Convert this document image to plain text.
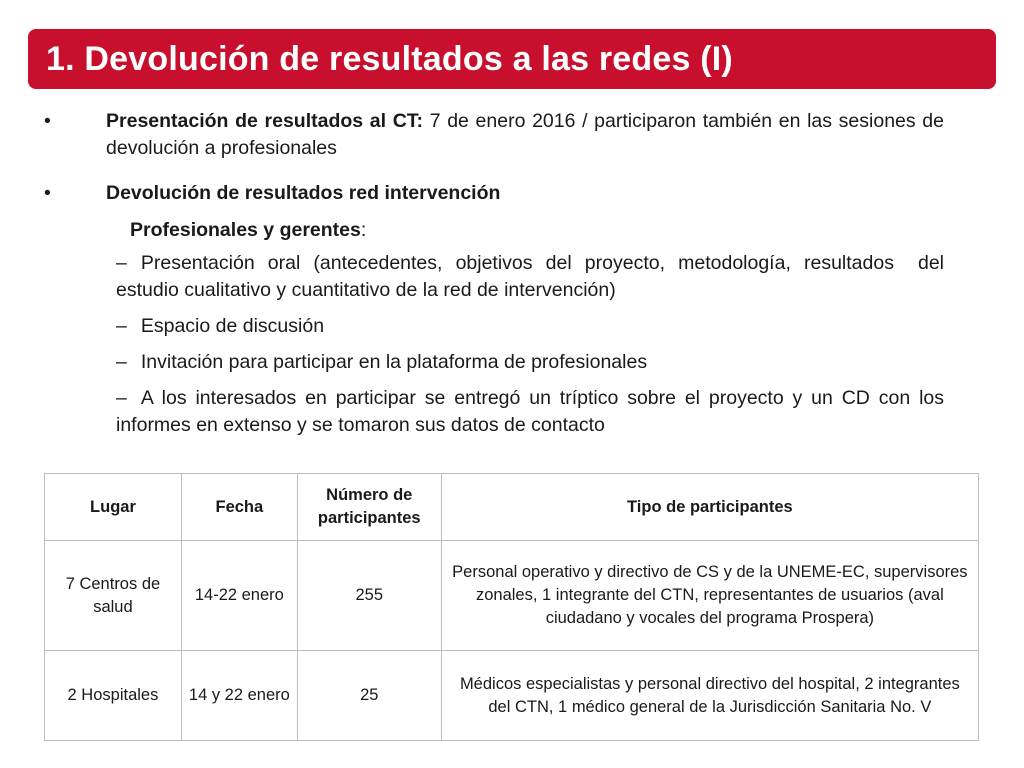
1. Devolución de resultados a las redes (I)
•	Presentación de resultados al CT: 7 de enero 2016 / participaron también en las sesiones de devolución a profesionales
•	Devolución de resultados red intervención
Profesionales y gerentes:
– Presentación oral (antecedentes, objetivos del proyecto, metodología, resultados del estudio cualitativo y cuantitativo de la red de intervención)
– Espacio de discusión
– Invitación para participar en la plataforma de profesionales
– A los interesados en participar se entregó un tríptico sobre el proyecto y un CD con los informes en extenso y se tomaron sus datos de contacto
Lugar	Fecha	Número de participantes	Tipo de participantes
7 Centros de salud	14-22 enero	255	Personal operativo y directivo de CS y de la UNEME-EC, supervisores zonales, 1 integrante del CTN, representantes de usuarios (aval ciudadano y vocales del programa Prospera)
2 Hospitales	14 y 22 enero	25	Médicos especialistas y personal directivo del hospital, 2 integrantes del CTN, 1 médico general de la Jurisdicción Sanitaria No. V
